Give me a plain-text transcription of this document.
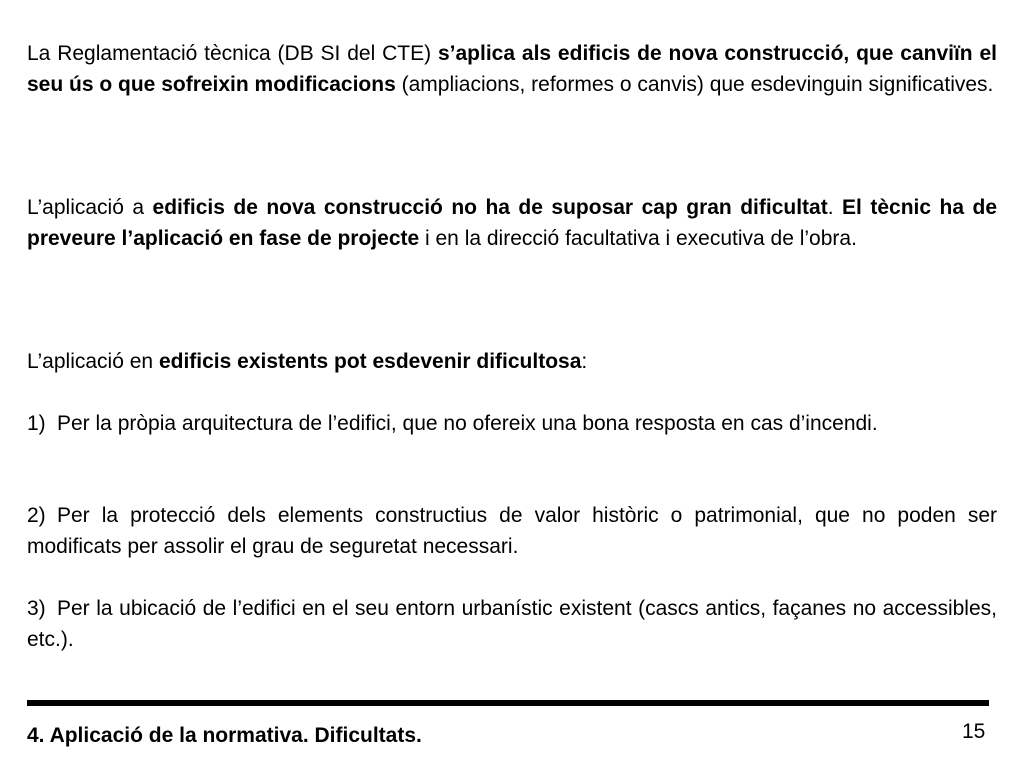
La Reglamentació tècnica (DB SI del CTE) s’aplica als edificis de nova construcció, que canviïn el seu ús o que sofreixin modificacions (ampliacions, reformes o canvis) que esdevinguin significatives.

L’aplicació a edificis de nova construcció no ha de suposar cap gran dificultat. El tècnic ha de preveure l’aplicació en fase de projecte i en la direcció facultativa i executiva de l’obra.

L’aplicació en edificis existents pot esdevenir dificultosa:

1) Per la pròpia arquitectura de l’edifici, que no ofereix una bona resposta en cas d’incendi.

2) Per la protecció dels elements constructius de valor històric o patrimonial, que no poden ser modificats per assolir el grau de seguretat necessari.

3) Per la ubicació de l’edifici en el seu entorn urbanístic existent (cascs antics, façanes no accessibles, etc.).

4. Aplicació de la normativa. Dificultats.	15
